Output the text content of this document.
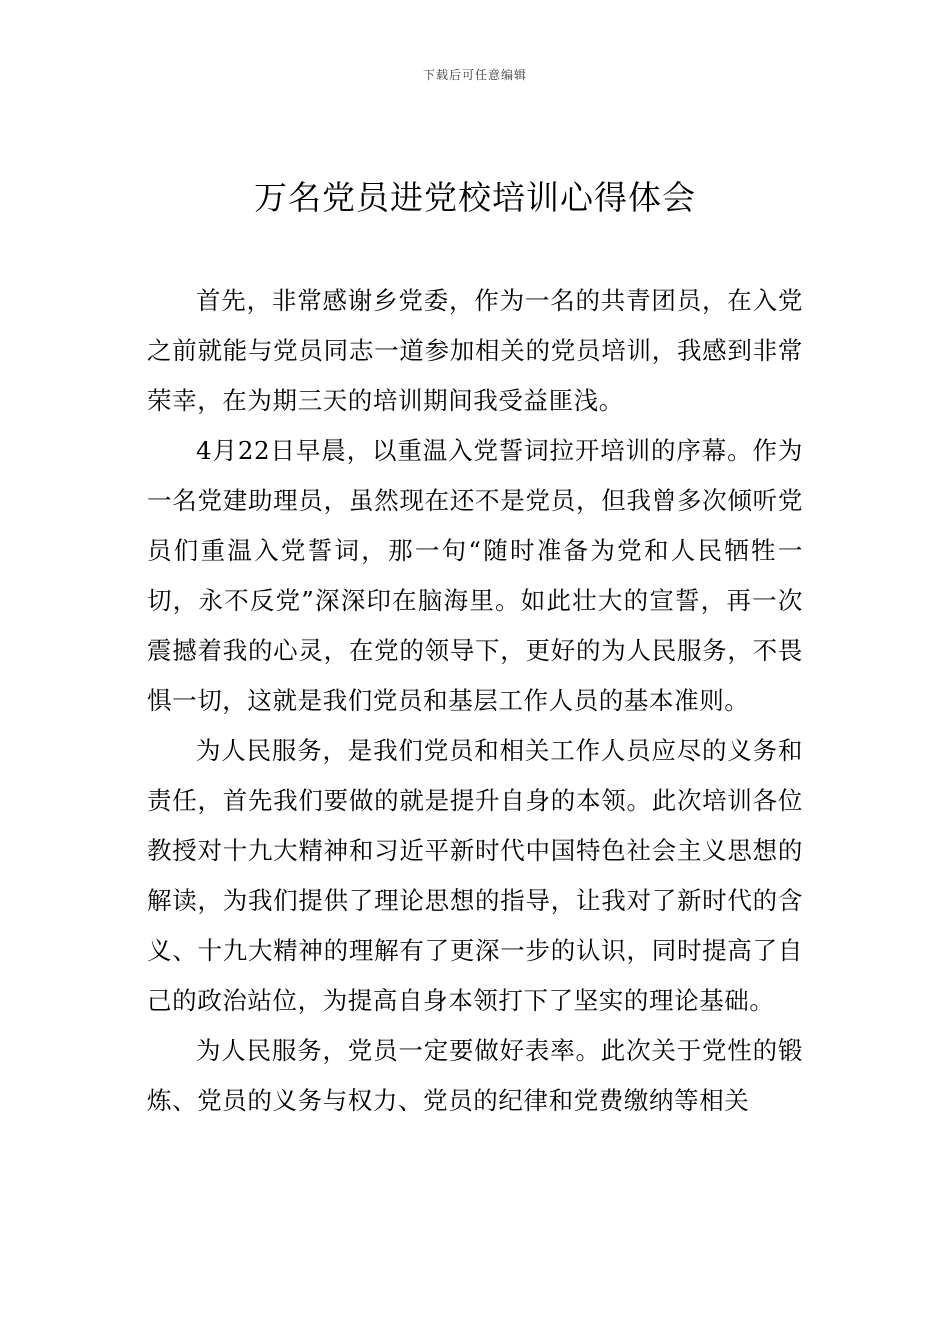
下载后可任意编辑
万名党员进党校培训心得体会

首先，非常感谢乡党委，作为一名的共青团员，在入党之前就能与党员同志一道参加相关的党员培训，我感到非常荣幸，在为期三天的培训期间我受益匪浅。

4月22日早晨，以重温入党誓词拉开培训的序幕。作为一名党建助理员，虽然现在还不是党员，但我曾多次倾听党员们重温入党誓词，那一句“随时准备为党和人民牺牲一切，永不反党”深深印在脑海里。如此壮大的宣誓，再一次震撼着我的心灵，在党的领导下，更好的为人民服务，不畏惧一切，这就是我们党员和基层工作人员的基本准则。

为人民服务，是我们党员和相关工作人员应尽的义务和责任，首先我们要做的就是提升自身的本领。此次培训各位教授对十九大精神和习近平新时代中国特色社会主义思想的解读，为我们提供了理论思想的指导，让我对了新时代的含义、十九大精神的理解有了更深一步的认识，同时提高了自己的政治站位，为提高自身本领打下了坚实的理论基础。

为人民服务，党员一定要做好表率。此次关于党性的锻炼、党员的义务与权力、党员的纪律和党费缴纳等相关
